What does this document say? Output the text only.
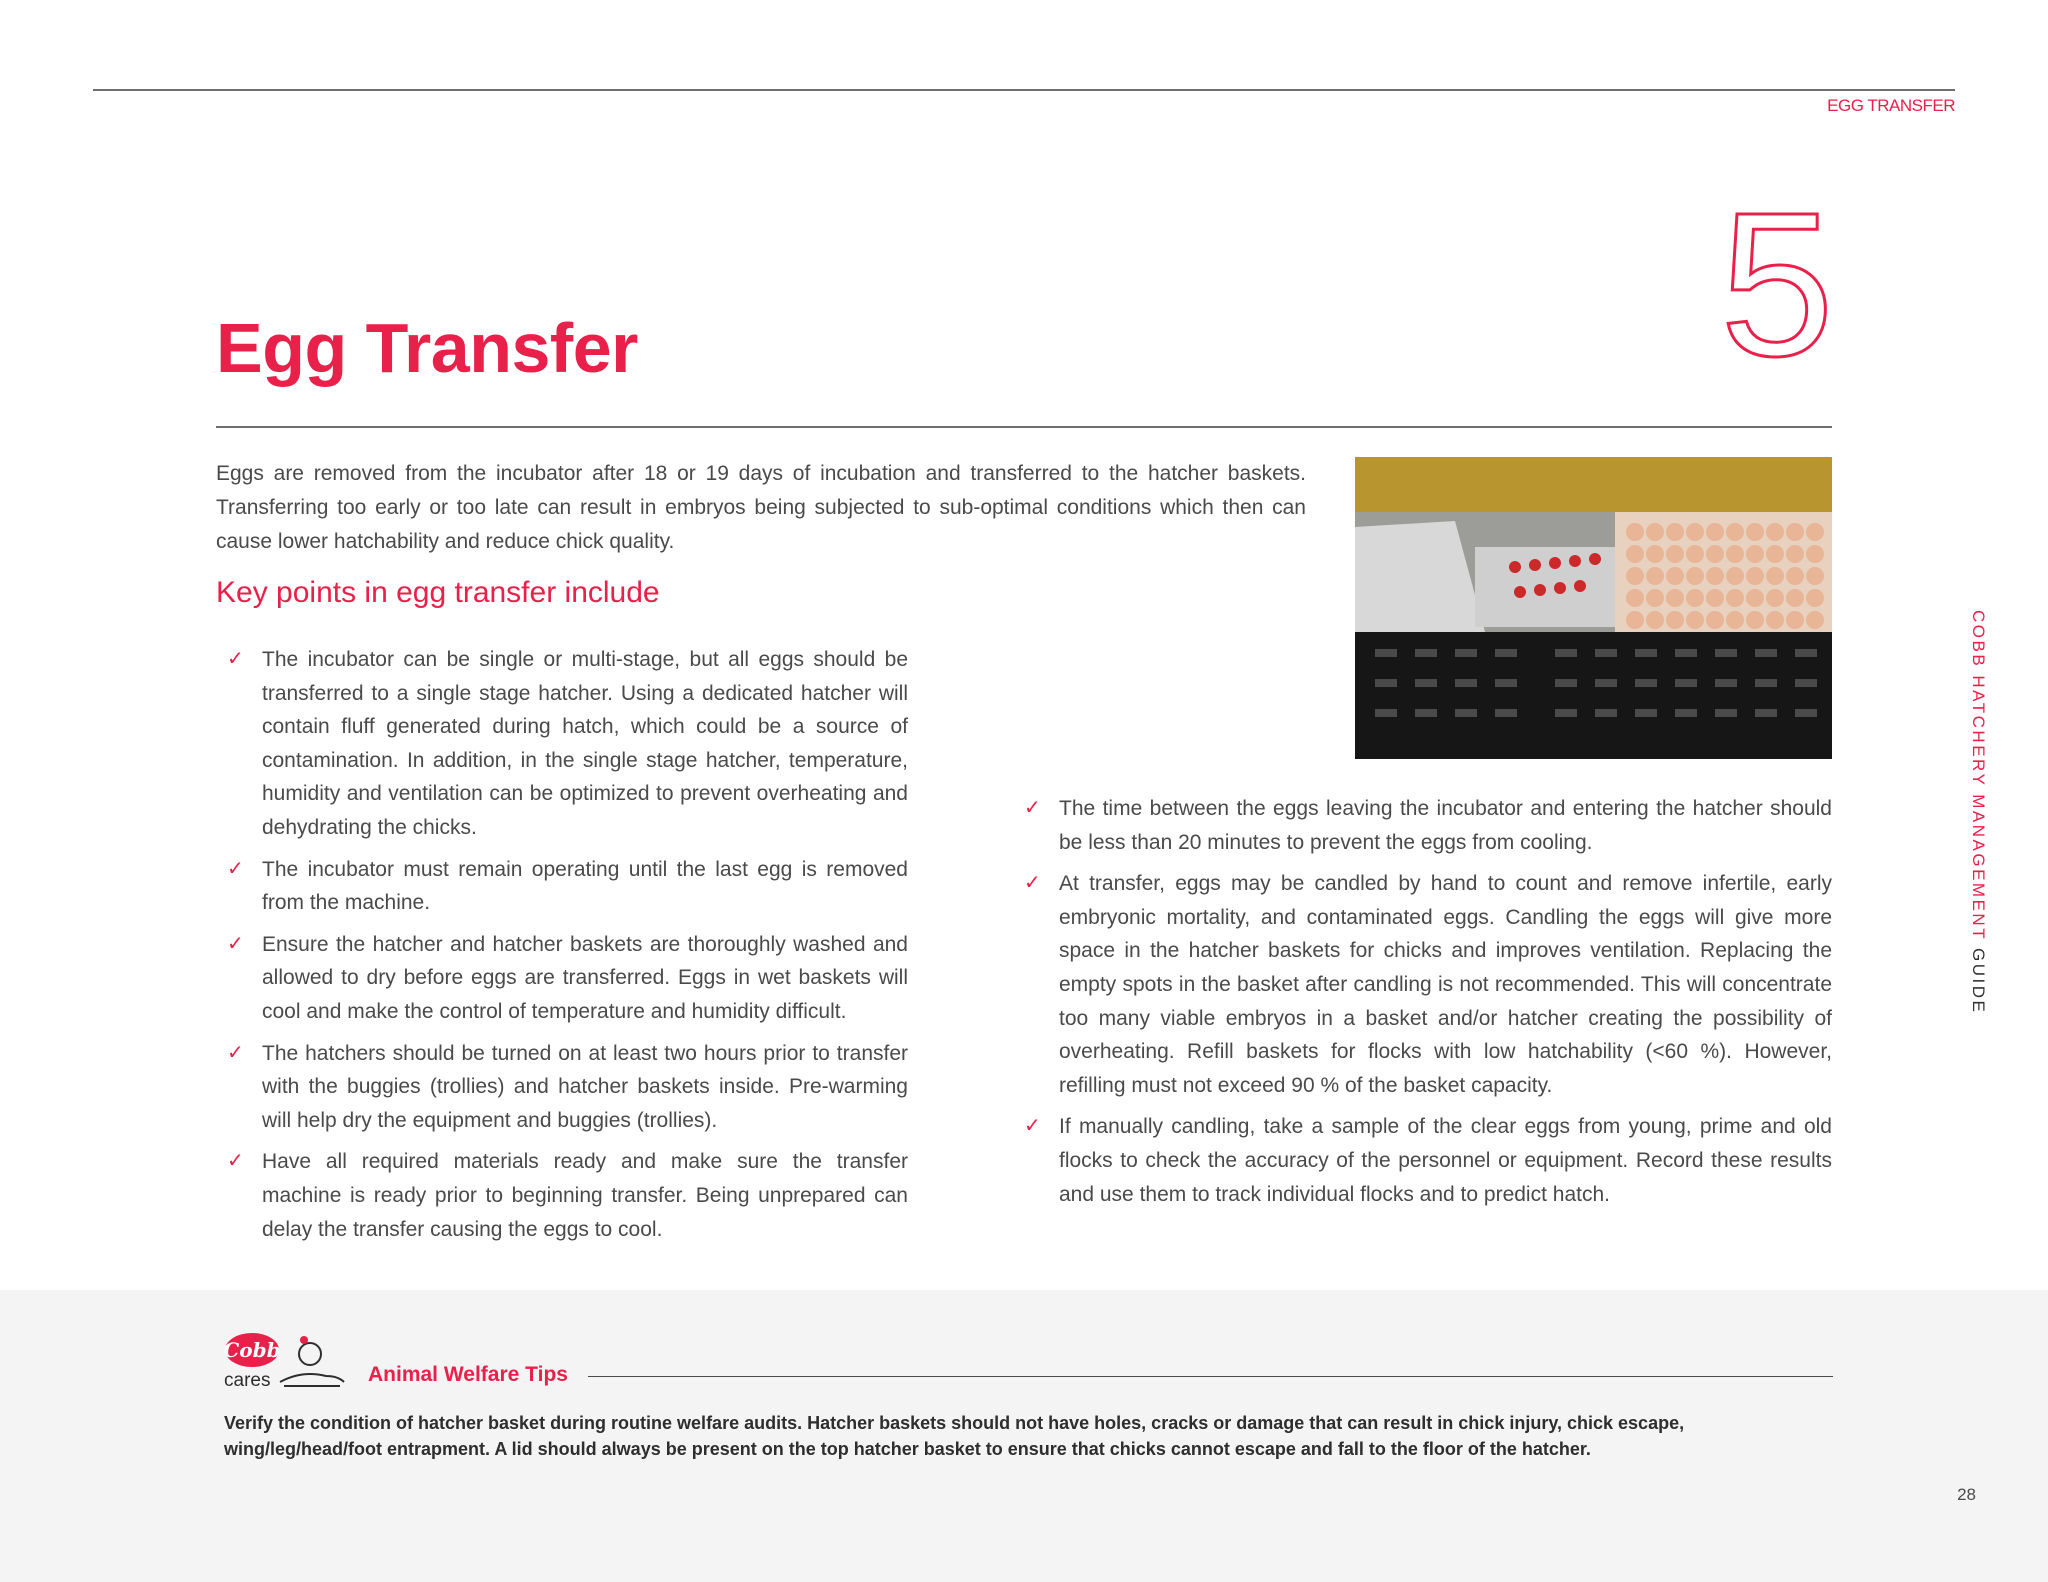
EGG TRANSFER
COBB HATCHERY MANAGEMENT GUIDE
5
Egg Transfer

Eggs are removed from the incubator after 18 or 19 days of incubation and transferred to the hatcher baskets. Transferring too early or too late can result in embryos being subjected to sub-optimal conditions which then can cause lower hatchability and reduce chick quality.

Key points in egg transfer include
✓ The incubator can be single or multi-stage, but all eggs should be transferred to a single stage hatcher. Using a dedicated hatcher will contain fluff generated during hatch, which could be a source of contamination. In addition, in the single stage hatcher, temperature, humidity and ventilation can be optimized to prevent overheating and dehydrating the chicks.
✓ The incubator must remain operating until the last egg is removed from the machine.
✓ Ensure the hatcher and hatcher baskets are thoroughly washed and allowed to dry before eggs are transferred. Eggs in wet baskets will cool and make the control of temperature and humidity difficult.
✓ The hatchers should be turned on at least two hours prior to transfer with the buggies (trollies) and hatcher baskets inside. Pre-warming will help dry the equipment and buggies (trollies).
✓ Have all required materials ready and make sure the transfer machine is ready prior to beginning transfer. Being unprepared can delay the transfer causing the eggs to cool.
✓ The time between the eggs leaving the incubator and entering the hatcher should be less than 20 minutes to prevent the eggs from cooling.
✓ At transfer, eggs may be candled by hand to count and remove infertile, early embryonic mortality, and contaminated eggs. Candling the eggs will give more space in the hatcher baskets for chicks and improves ventilation. Replacing the empty spots in the basket after candling is not recommended. This will concentrate too many viable embryos in a basket and/or hatcher creating the possibility of overheating. Refill baskets for flocks with low hatchability (<60 %). However, refilling must not exceed 90 % of the basket capacity.
✓ If manually candling, take a sample of the clear eggs from young, prime and old flocks to check the accuracy of the personnel or equipment. Record these results and use them to track individual flocks and to predict hatch.
Cobb
cares	Animal Welfare Tips

Verify the condition of hatcher basket during routine welfare audits. Hatcher baskets should not have holes, cracks or damage that can result in chick injury, chick escape, wing/leg/head/foot entrapment. A lid should always be present on the top hatcher basket to ensure that chicks cannot escape and fall to the floor of the hatcher.

28
